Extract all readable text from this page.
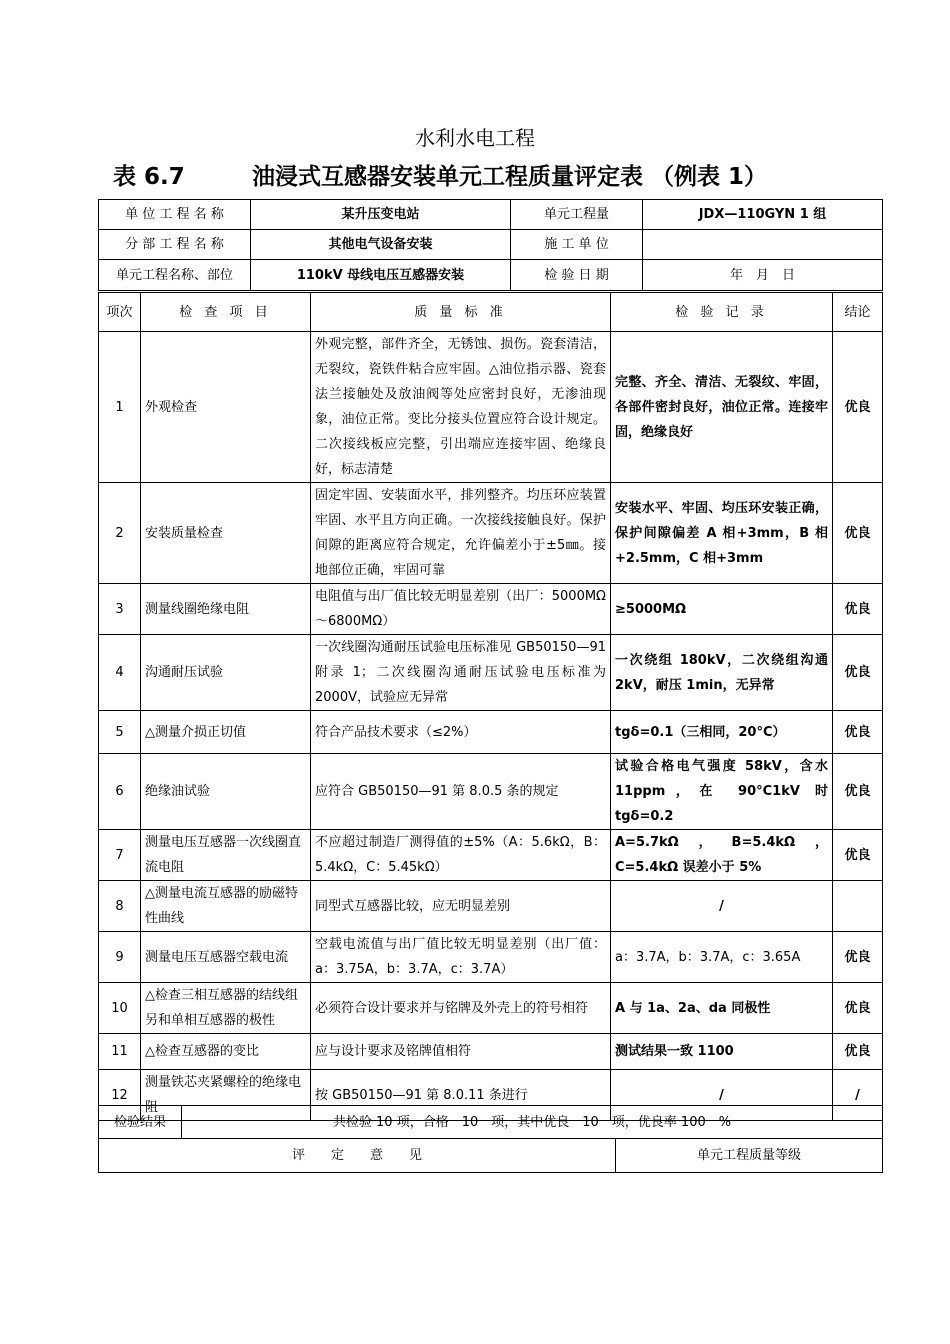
水利水电工程
表 6.7	油浸式互感器安装单元工程质量评定表 （例表 1）
单 位 工 程 名 称	某升压变电站	单元工程量	JDX—110GYN 1 组
分 部 工 程 名 称	其他电气设备安装	施 工 单 位	
单元工程名称、部位	110kV 母线电压互感器安装	检 验 日 期	年　月　日
项次	检 查 项 目	质 量 标 准	检 验 记 录	结论
1	外观检查	外观完整，部件齐全，无锈蚀、损伤。瓷套清洁，无裂纹，瓷铁件粘合应牢固。△油位指示器、瓷套法兰接触处及放油阀等处应密封良好，无渗油现象，油位正常。变比分接头位置应符合设计规定。二次接线板应完整，引出端应连接牢固、绝缘良好，标志清楚	完整、齐全、清洁、无裂纹、牢固，各部件密封良好，油位正常。连接牢固，绝缘良好	优良
2	安装质量检查	固定牢固、安装面水平，排列整齐。均压环应装置牢固、水平且方向正确。一次接线接触良好。保护间隙的距离应符合规定，允许偏差小于±5㎜。接地部位正确，牢固可靠	安装水平、牢固、均压环安装正确，保护间隙偏差 A 相+3mm，B 相+2.5mm，C 相+3mm	优良
3	测量线圈绝缘电阻	电阻值与出厂值比较无明显差别（出厂：5000MΩ～6800MΩ）	≥5000MΩ	优良
4	沟通耐压试验	一次线圈沟通耐压试验电压标准见 GB50150—91 附录 1；二次线圈沟通耐压试验电压标准为2000V，试验应无异常	一次绕组 180kV，二次绕组沟通 2kV，耐压 1min，无异常	优良
5	△测量介损正切值	符合产品技术要求（≤2%）	tgδ=0.1（三相同，20°C）	优良
6	绝缘油试验	应符合 GB50150—91 第 8.0.5 条的规定	试验合格电气强度 58kV，含水 11ppm，在 90°C1kV 时 tgδ=0.2	优良
7	测量电压互感器一次线圈直流电阻	不应超过制造厂测得值的±5%（A：5.6kΩ，B：5.4kΩ，C：5.45kΩ）	A=5.7kΩ，B=5.4kΩ，C=5.4kΩ 误差小于 5%	优良
8	△测量电流互感器的励磁特性曲线	同型式互感器比较，应无明显差别	/	
9	测量电压互感器空载电流	空载电流值与出厂值比较无明显差别（出厂值：a：3.75A，b：3.7A，c：3.7A）	a：3.7A，b：3.7A，c：3.65A	优良
10	△检查三相互感器的结线组另和单相互感器的极性	必须符合设计要求并与铭牌及外壳上的符号相符	A 与 1a、2a、da 同极性	优良
11	△检查互感器的变比	应与设计要求及铭牌值相符	测试结果一致 1100	优良
12	测量铁芯夹紧螺栓的绝缘电阻	按 GB50150—91 第 8.0.11 条进行	/	/
检验结果	共检验 10 项，合格　10　项，其中优良　10　项，优良率 100　%	
评　　定　　意　　见		单元工程质量等级
